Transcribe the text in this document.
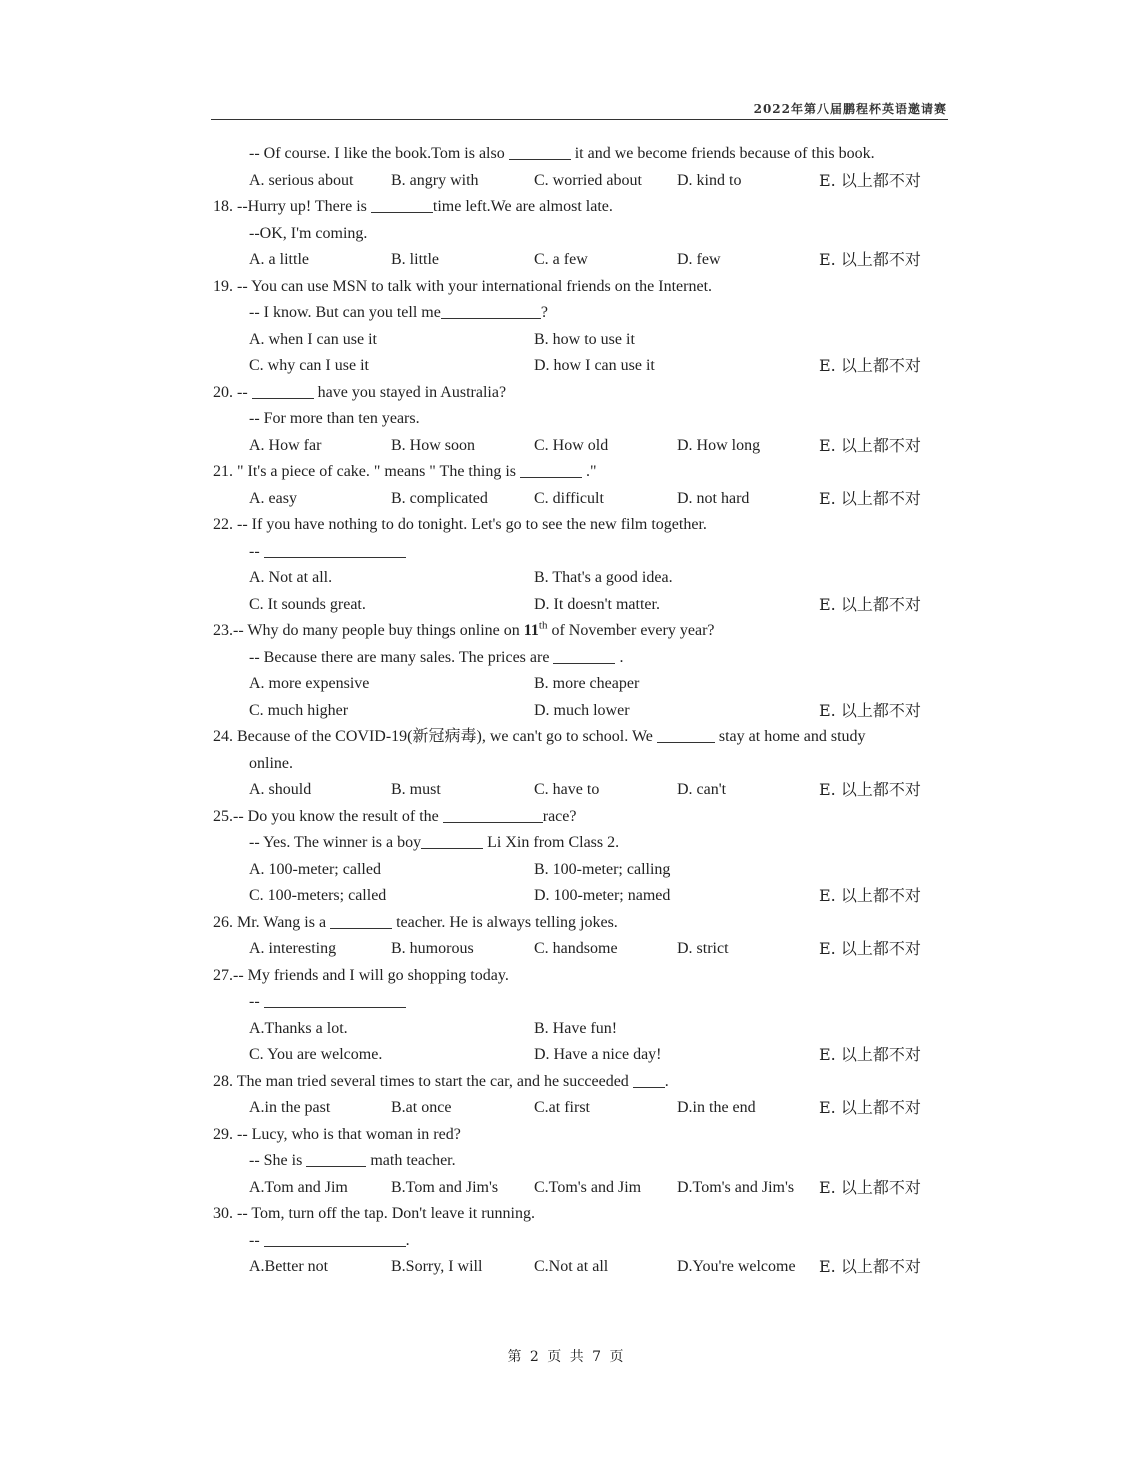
2022年第八届鹏程杯英语邀请赛
-- Of course. I like the book.Tom is also	it and we become friends because of this book.
A. serious about B. angry with	C. worried about D. kind to	E. 以上都不对
18. --Hurry up! There is	time left.We are almost late.
--OK, I'm coming.
A. a little	B. little	C. a few	D. few	E. 以上都不对
19. -- You can use MSN to talk with your international friends on the Internet.
-- I know. But can you tell me	?
A. when I can use it	B. how to use it
C. why can I use it	D. how I can use it	E. 以上都不对
20. --	have you stayed in Australia?
-- For more than ten years.
A. How far	B. How soon	C. How old	D. How long	E. 以上都不对
21. " It's a piece of cake. " means " The thing is	."
A. easy	B. complicated	C. difficult	D. not hard	E. 以上都不对
22. -- If you have nothing to do tonight. Let's go to see the new film together.
--
A. Not at all.	B. That's a good idea.
C. It sounds great.	D. It doesn't matter.	E. 以上都不对
23.-- Why do many people buy things online on 11th of November every year?
-- Because there are many sales. The prices are	.
A. more expensive	B. more cheaper
C. much higher	D. much lower	E. 以上都不对
24. Because of the COVID-19(新冠病毒), we can't go to school. We	stay at home and study
online.
A. should	B. must	C. have to	D. can't	E. 以上都不对
25.-- Do you know the result of the	race?
-- Yes. The winner is a boy	Li Xin from Class 2.
A. 100-meter; called	B. 100-meter; calling
C. 100-meters; called	D. 100-meter; named	E. 以上都不对
26. Mr. Wang is a	teacher. He is always telling jokes.
A. interesting	B. humorous	C. handsome	D. strict	E. 以上都不对
27.-- My friends and I will go shopping today.
--
A.Thanks a lot.	B. Have fun!
C. You are welcome.	D. Have a nice day!	E. 以上都不对
28. The man tried several times to start the car, and he succeeded .
A.in the past	B.at once	C.at first	D.in the end	E. 以上都不对
29. -- Lucy, who is that woman in red?
-- She is	math teacher.
A.Tom and Jim	B.Tom and Jim's C.Tom's and Jim D.Tom's and Jim's E. 以上都不对
30. -- Tom, turn off the tap. Don't leave it running.
--	.
A.Better not	B.Sorry, I will	C.Not at all	D.You're welcome E. 以上都不对
第 2 页 共 7 页
